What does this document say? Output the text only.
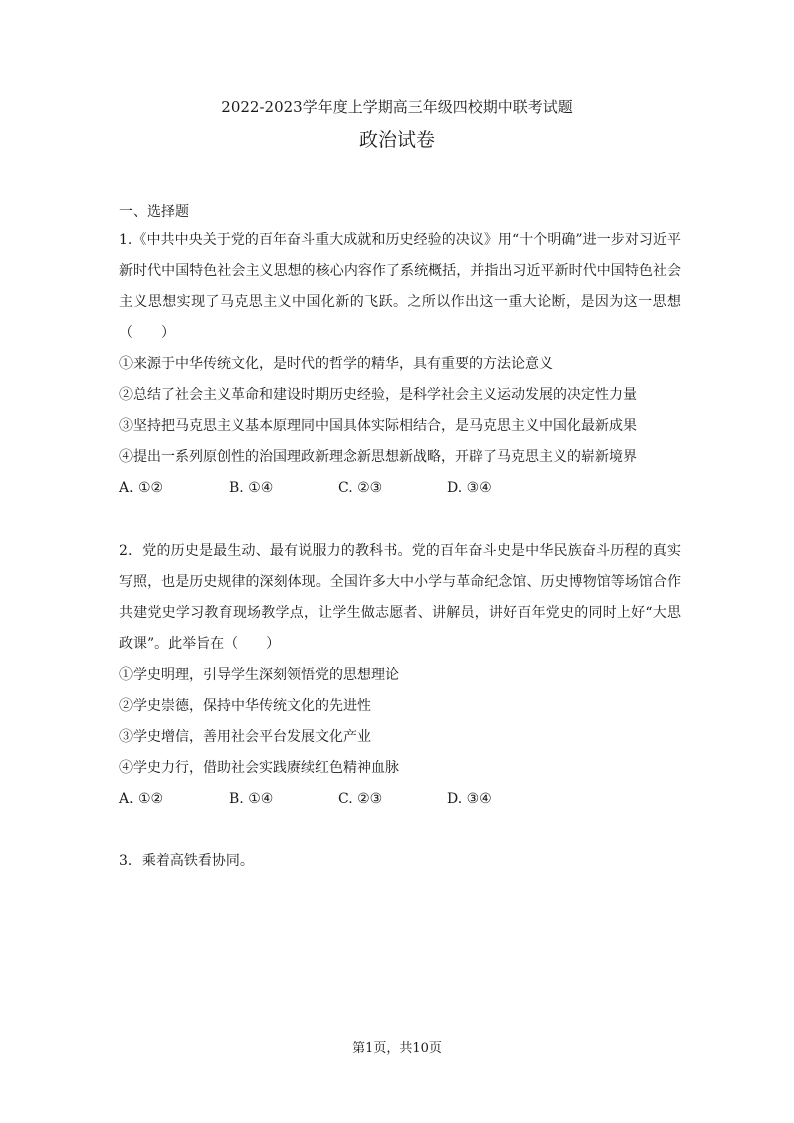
2022-2023学年度上学期高三年级四校期中联考试题
政治试卷
一、选择题

1.《中共中央关于党的百年奋斗重大成就和历史经验的决议》用“十个明确”进一步对习近平新时代中国特色社会主义思想的核心内容作了系统概括，并指出习近平新时代中国特色社会主义思想实现了马克思主义中国化新的飞跃。之所以作出这一重大论断，是因为这一思想（　　）

①来源于中华传统文化，是时代的哲学的精华，具有重要的方法论意义
②总结了社会主义革命和建设时期历史经验，是科学社会主义运动发展的决定性力量
③坚持把马克思主义基本原理同中国具体实际相结合，是马克思主义中国化最新成果
④提出一系列原创性的治国理政新理念新思想新战略，开辟了马克思主义的崭新境界
A. ①②	B. ①④	C. ②③	D. ③④

2．党的历史是最生动、最有说服力的教科书。党的百年奋斗史是中华民族奋斗历程的真实写照，也是历史规律的深刻体现。全国许多大中小学与革命纪念馆、历史博物馆等场馆合作共建党史学习教育现场教学点，让学生做志愿者、讲解员，讲好百年党史的同时上好“大思政课”。此举旨在（　　）

①学史明理，引导学生深刻领悟党的思想理论
②学史崇德，保持中华传统文化的先进性
③学史增信，善用社会平台发展文化产业
④学史力行，借助社会实践赓续红色精神血脉
A. ①②	B. ①④	C. ②③	D. ③④

3．乘着高铁看协同。

第1页，共10页
